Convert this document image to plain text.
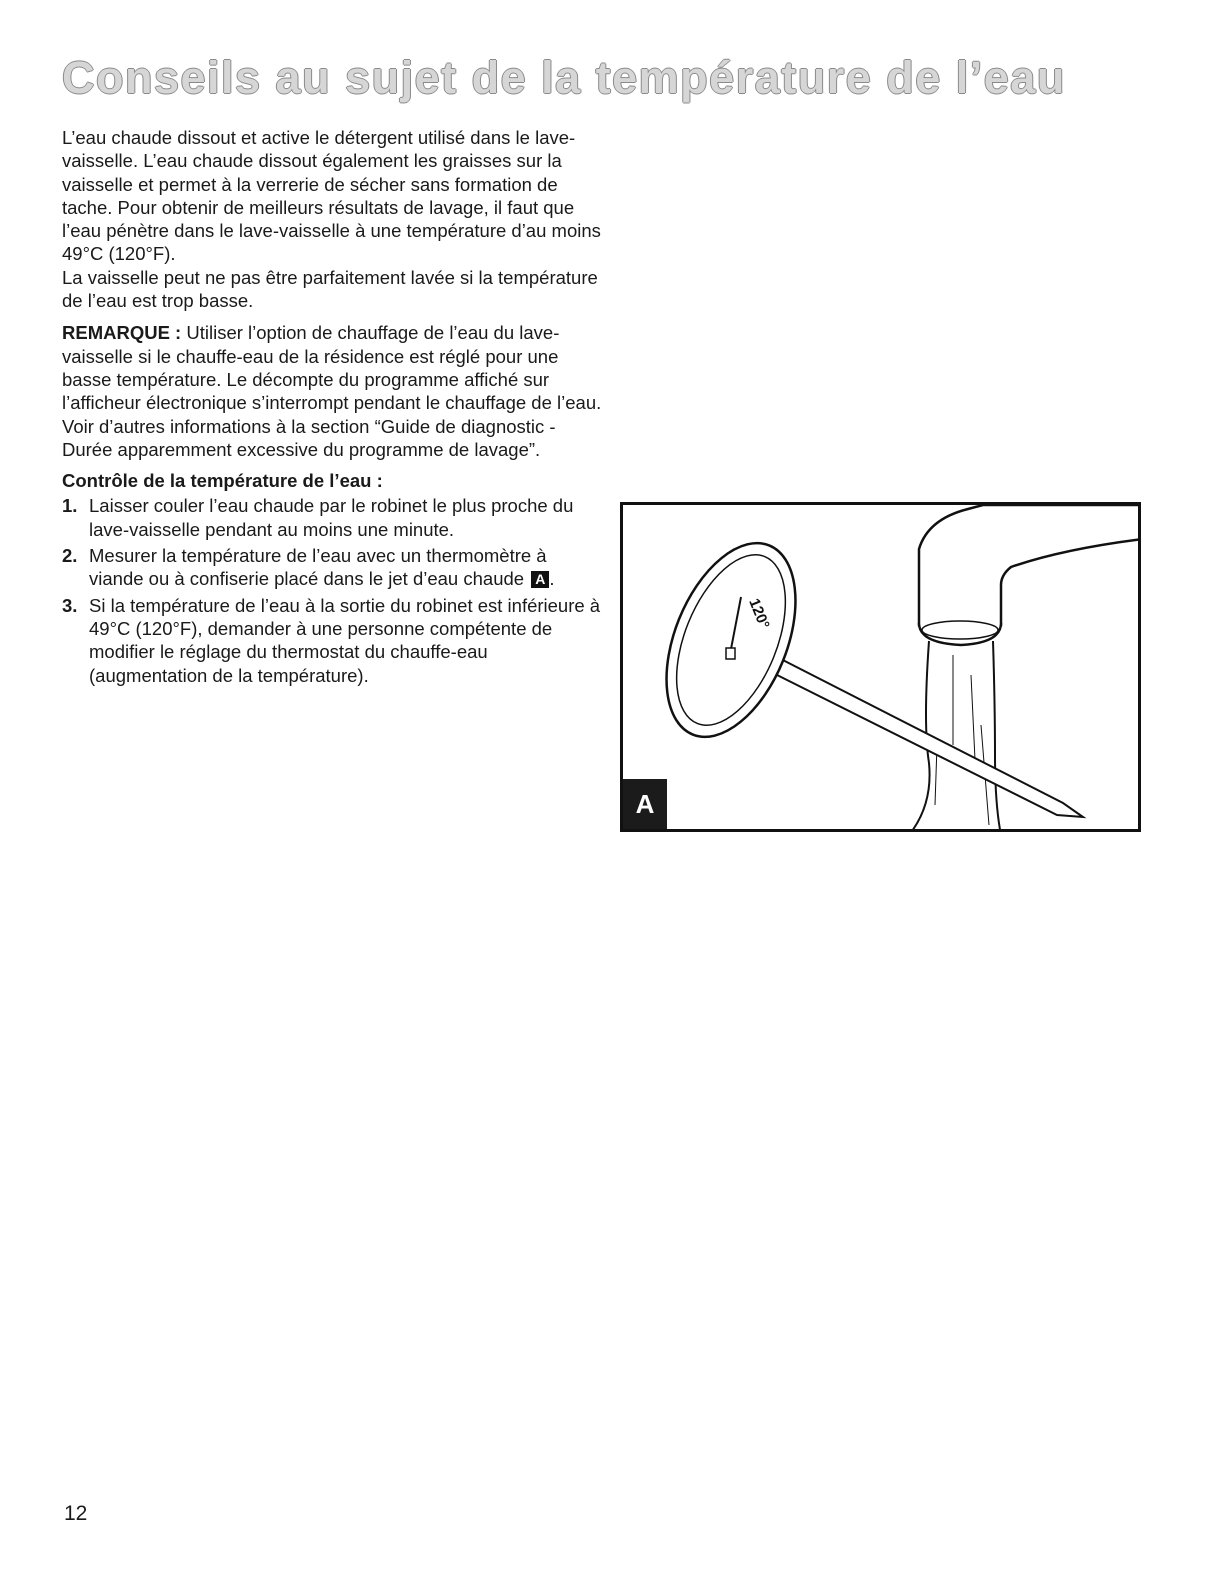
Conseils au sujet de la température de l’eau

L’eau chaude dissout et active le détergent utilisé dans le lave-vaisselle. L’eau chaude dissout également les graisses sur la vaisselle et permet à la verrerie de sécher sans formation de tache. Pour obtenir de meilleurs résultats de lavage, il faut que l’eau pénètre dans le lave-vaisselle à une température d’au moins 49°C (120°F).

La vaisselle peut ne pas être parfaitement lavée si la température de l’eau est trop basse.

REMARQUE : Utiliser l’option de chauffage de l’eau du lave-vaisselle si le chauffe-eau de la résidence est réglé pour une basse température. Le décompte du programme affiché sur l’afficheur électronique s’interrompt pendant le chauffage de l’eau. Voir d’autres informations à la section “Guide de diagnostic - Durée apparemment excessive du programme de lavage”.

Contrôle de la température de l’eau :

1. Laisser couler l’eau chaude par le robinet le plus proche du lave-vaisselle pendant au moins une minute.
2. Mesurer la température de l’eau avec un thermomètre à viande ou à confiserie placé dans le jet d’eau chaude A .
3. Si la température de l’eau à la sortie du robinet est inférieure à 49°C (120°F), demander à une personne compétente de modifier le réglage du thermostat du chauffe-eau (augmentation de la température).
120°
A
12
